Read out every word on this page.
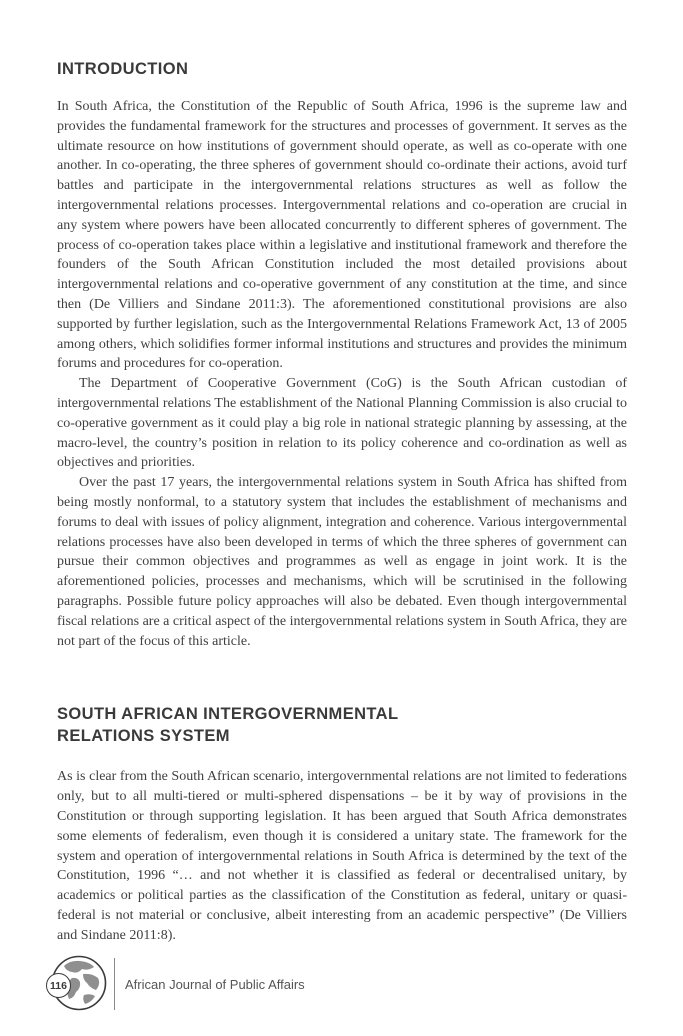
INTRODUCTION

In South Africa, the Constitution of the Republic of South Africa, 1996 is the supreme law and provides the fundamental framework for the structures and processes of government. It serves as the ultimate resource on how institutions of government should operate, as well as co-operate with one another. In co-operating, the three spheres of government should co-ordinate their actions, avoid turf battles and participate in the intergovernmental relations structures as well as follow the intergovernmental relations processes. Intergovernmental relations and co-operation are crucial in any system where powers have been allocated concurrently to different spheres of government. The process of co-operation takes place within a legislative and institutional framework and therefore the founders of the South African Constitution included the most detailed provisions about intergovernmental relations and co-operative government of any constitution at the time, and since then (De Villiers and Sindane 2011:3). The aforementioned constitutional provisions are also supported by further legislation, such as the Intergovernmental Relations Framework Act, 13 of 2005 among others, which solidifies former informal institutions and structures and provides the minimum forums and procedures for co-operation.

The Department of Cooperative Government (CoG) is the South African custodian of intergovernmental relations The establishment of the National Planning Commission is also crucial to co-operative government as it could play a big role in national strategic planning by assessing, at the macro-level, the country’s position in relation to its policy coherence and co-ordination as well as objectives and priorities.

Over the past 17 years, the intergovernmental relations system in South Africa has shifted from being mostly nonformal, to a statutory system that includes the establishment of mechanisms and forums to deal with issues of policy alignment, integration and coherence. Various intergovernmental relations processes have also been developed in terms of which the three spheres of government can pursue their common objectives and programmes as well as engage in joint work. It is the aforementioned policies, processes and mechanisms, which will be scrutinised in the following paragraphs. Possible future policy approaches will also be debated. Even though intergovernmental fiscal relations are a critical aspect of the intergovernmental relations system in South Africa, they are not part of the focus of this article.

SOUTH AFRICAN INTERGOVERNMENTAL RELATIONS SYSTEM

As is clear from the South African scenario, intergovernmental relations are not limited to federations only, but to all multi-tiered or multi-sphered dispensations – be it by way of provisions in the Constitution or through supporting legislation. It has been argued that South Africa demonstrates some elements of federalism, even though it is considered a unitary state. The framework for the system and operation of intergovernmental relations in South Africa is determined by the text of the Constitution, 1996 “… and not whether it is classified as federal or decentralised unitary, by academics or political parties as the classification of the Constitution as federal, unitary or quasi-federal is not material or conclusive, albeit interesting from an academic perspective” (De Villiers and Sindane 2011:8).

116	African Journal of Public Affairs
